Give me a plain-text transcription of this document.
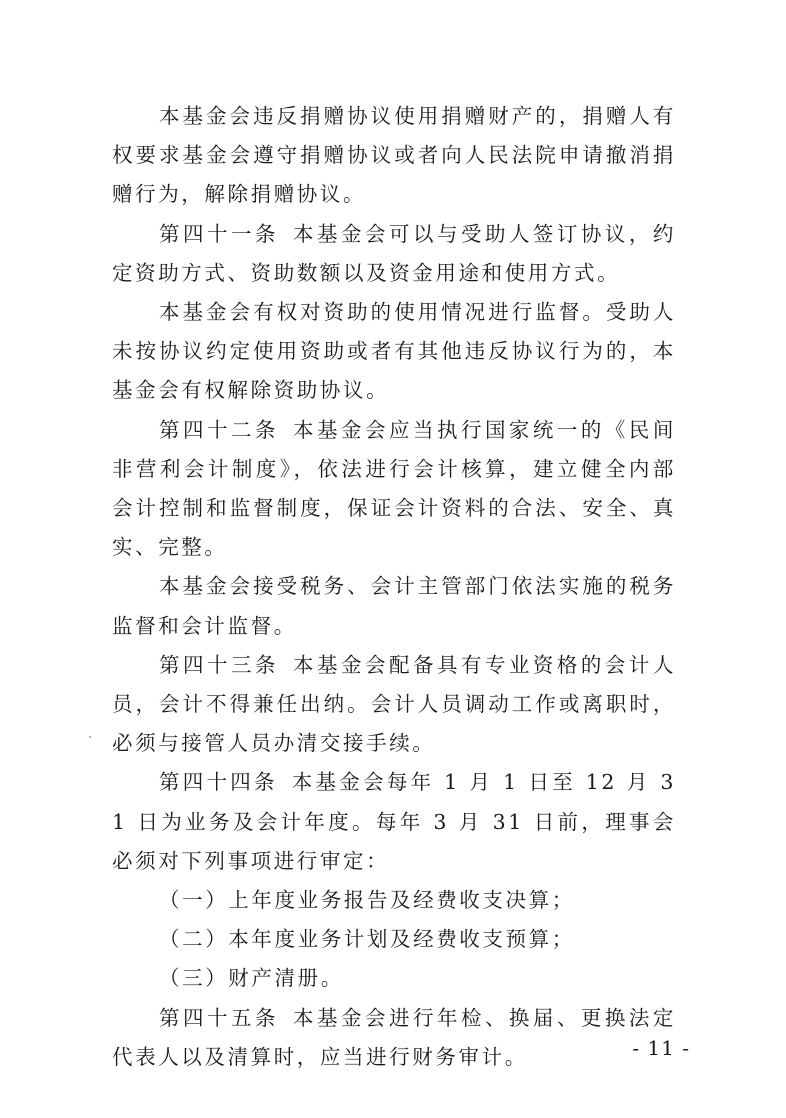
本基金会违反捐赠协议使用捐赠财产的，捐赠人有权要求基金会遵守捐赠协议或者向人民法院申请撤消捐赠行为，解除捐赠协议。

第四十一条 本基金会可以与受助人签订协议，约定资助方式、资助数额以及资金用途和使用方式。

本基金会有权对资助的使用情况进行监督。受助人未按协议约定使用资助或者有其他违反协议行为的，本基金会有权解除资助协议。

第四十二条 本基金会应当执行国家统一的《民间非营利会计制度》，依法进行会计核算，建立健全内部会计控制和监督制度，保证会计资料的合法、安全、真实、完整。

本基金会接受税务、会计主管部门依法实施的税务监督和会计监督。

第四十三条 本基金会配备具有专业资格的会计人员，会计不得兼任出纳。会计人员调动工作或离职时，必须与接管人员办清交接手续。

第四十四条 本基金会每年 1 月 1 日至 12 月 31 日为业务及会计年度。每年 3 月 31 日前，理事会必须对下列事项进行审定：

（一）上年度业务报告及经费收支决算；

（二）本年度业务计划及经费收支预算；

（三）财产清册。

第四十五条 本基金会进行年检、换届、更换法定代表人以及清算时，应当进行财务审计。	- 11 -
